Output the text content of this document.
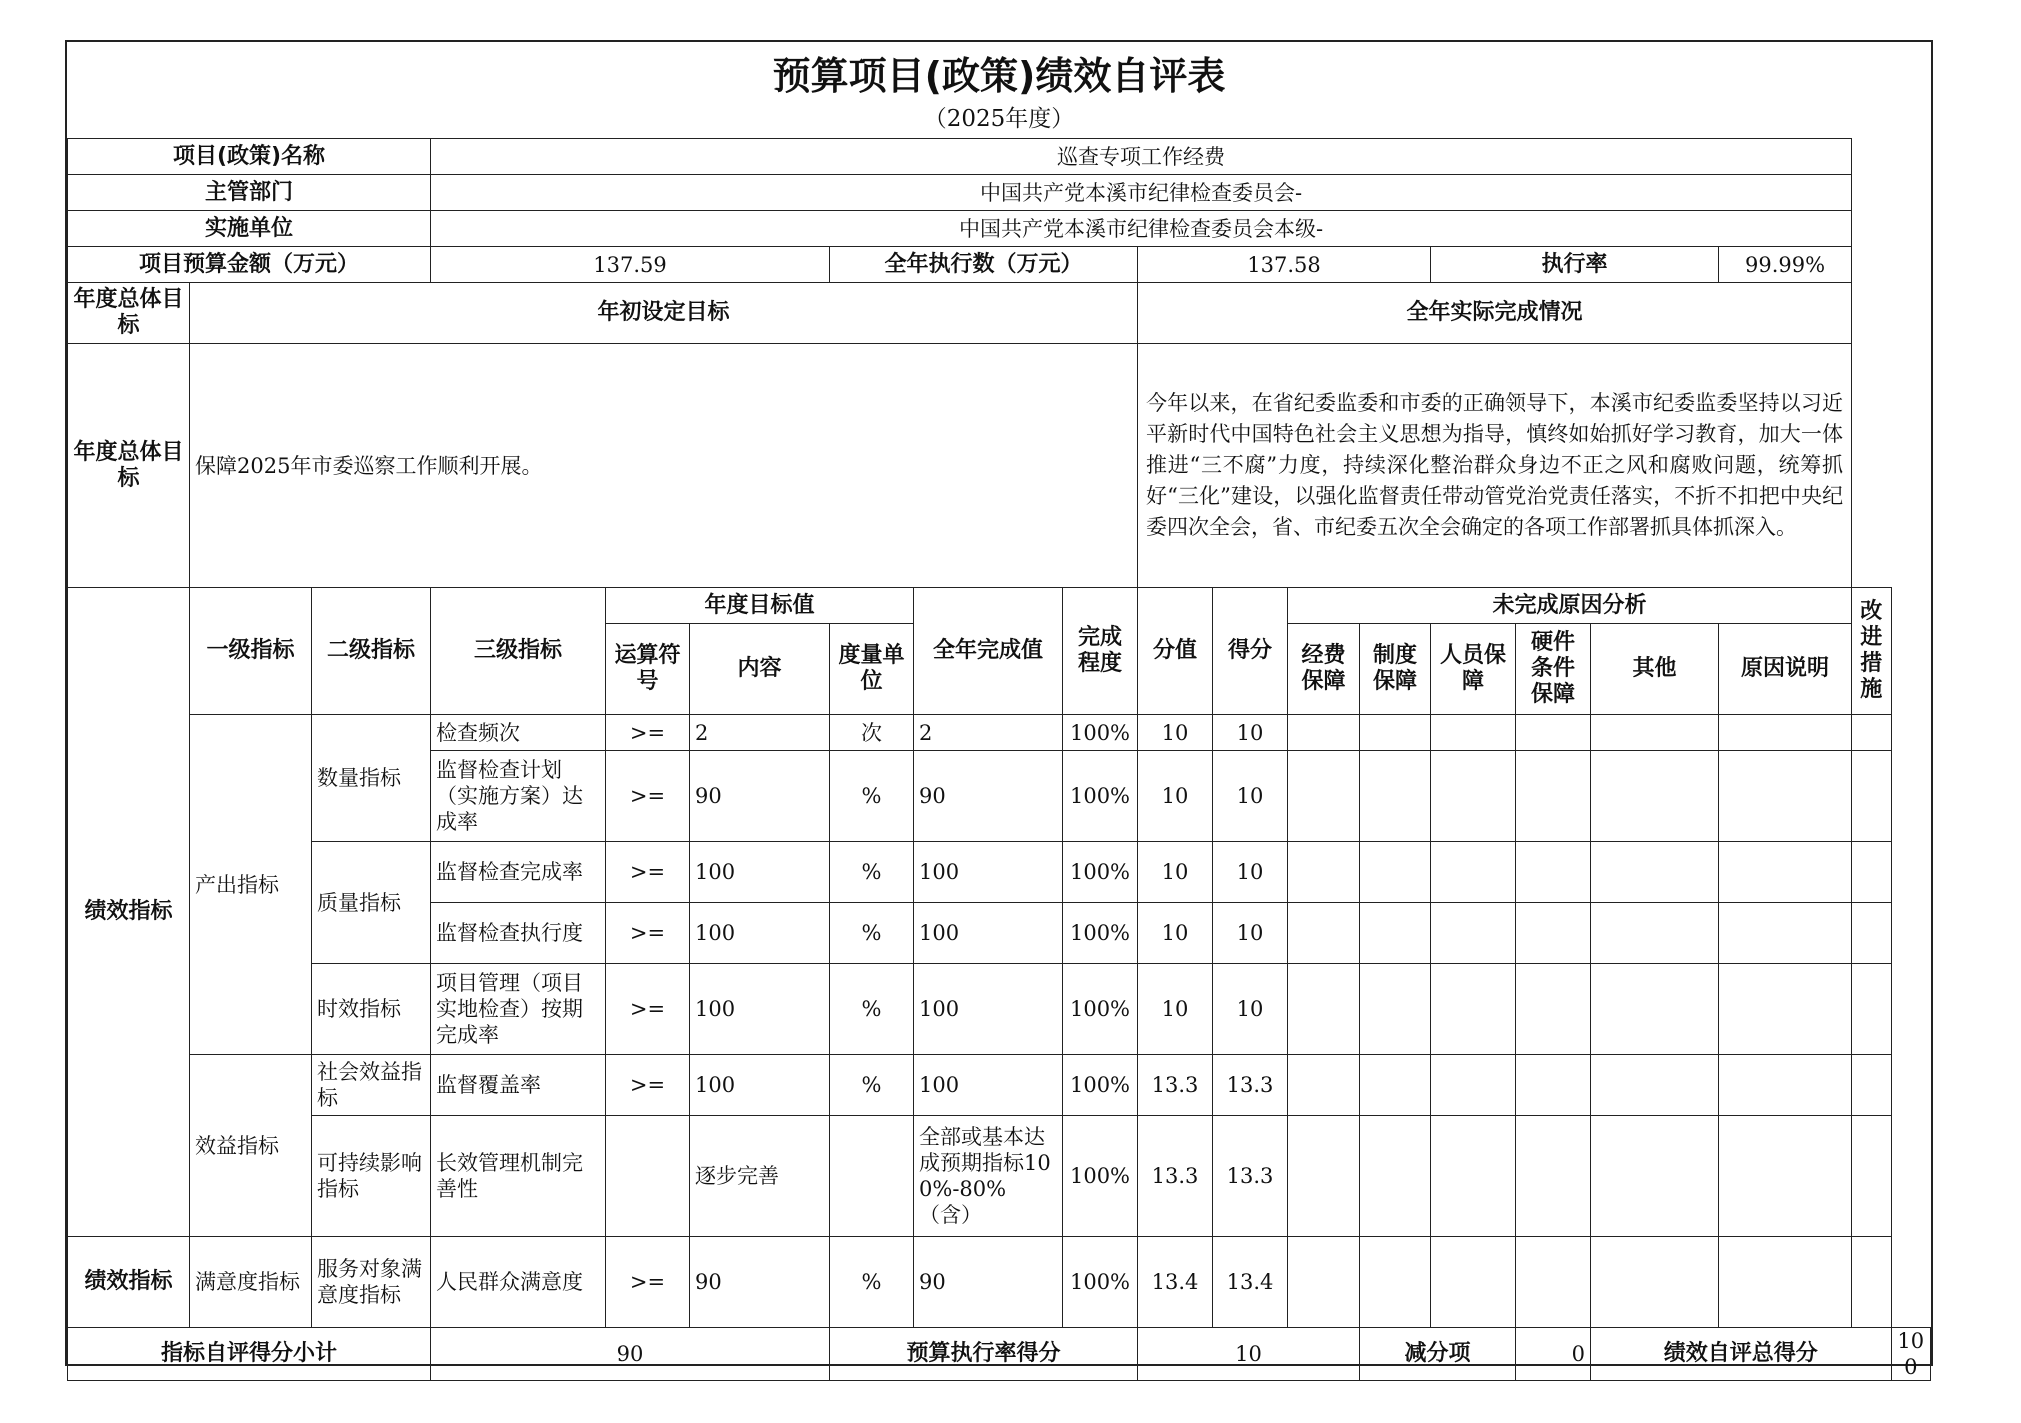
预算项目(政策)绩效自评表
（2025年度）
项目(政策)名称			巡查专项工作经费															
主管部门			中国共产党本溪市纪律检查委员会-															
实施单位			中国共产党本溪市纪律检查委员会本级-															
项目预算金额（万元）			137.59			全年执行数（万元）			137.58				执行率			99.99%		
年度总体目标	年初设定目标								全年实际完成情况									
年度总体目标	保障2025年市委巡察工作顺利开展。								今年以来，在省纪委监委和市委的正确领导下，本溪市纪委监委坚持以习近平新时代中国特色社会主义思想为指导，慎终如始抓好学习教育，加大一体推进“三不腐”力度，持续深化整治群众身边不正之风和腐败问题，统筹抓好“三化”建设，以强化监督责任带动管党治党责任落实，不折不扣把中央纪委四次全会，省、市纪委五次全会确定的各项工作部署抓具体抓深入。									
绩效指标	一级指标	二级指标	三级指标	年度目标值			全年完成值	完成程度	分值	得分	未完成原因分析						改进措施	
				运算符号	内容	度量单位					经费保障	制度保障	人员保障	硬件条件保障	其他	原因说明		
	产出指标	数量指标	检查频次	>=	2	次	2	100%	10	10								
			监督检查计划（实施方案）达成率	>=	90	%	90	100%	10	10								
		质量指标	监督检查完成率	>=	100	%	100	100%	10	10								
			监督检查执行度	>=	100	%	100	100%	10	10								
		时效指标	项目管理（项目实地检查）按期完成率	>=	100	%	100	100%	10	10								
	效益指标	社会效益指标	监督覆盖率	>=	100	%	100	100%	13.3	13.3								
		可持续影响指标	长效管理机制完善性		逐步完善		全部或基本达成预期指标100%-80%（含）	100%	13.3	13.3								
绩效指标	满意度指标	服务对象满意度指标	人民群众满意度	>=	90	%	90	100%	13.4	13.4								
指标自评得分小计			90			预算执行率得分			10			减分项		0	绩效自评总得分			100
